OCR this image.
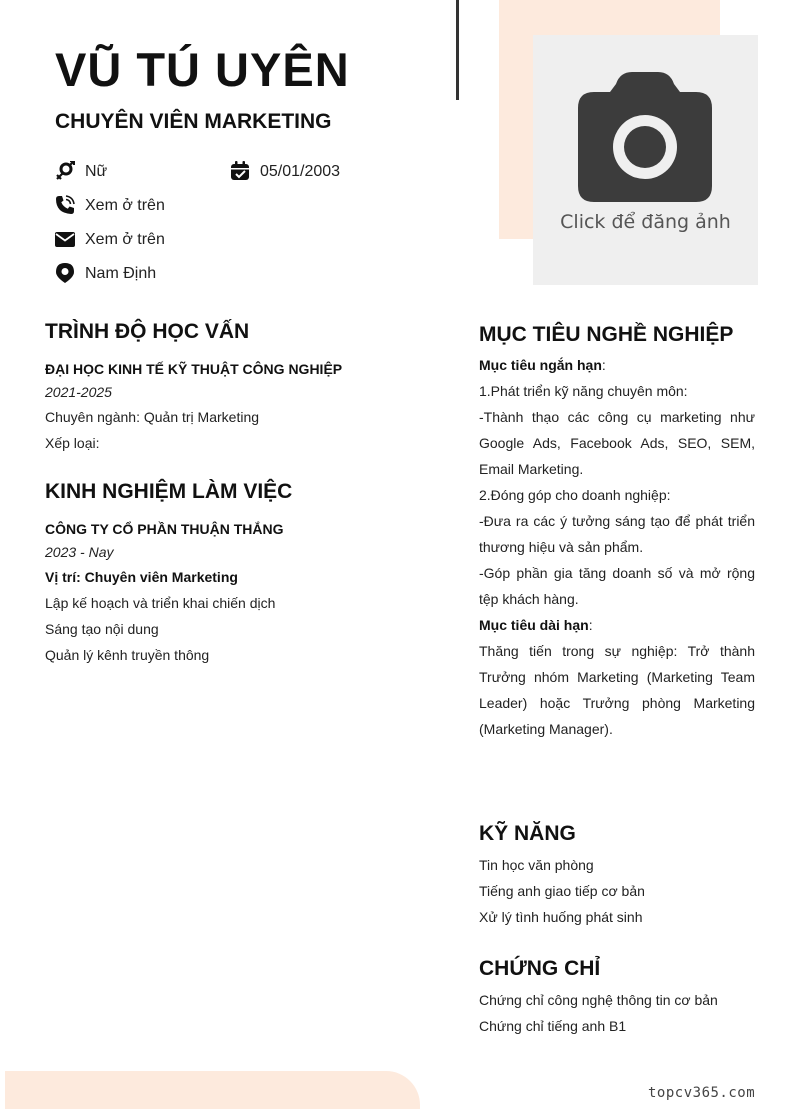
Click để đăng ảnh
VŨ TÚ UYÊN
CHUYÊN VIÊN MARKETING
Nữ	05/01/2003
Xem ở trên
Xem ở trên
Nam Định
TRÌNH ĐỘ HỌC VẤN
ĐẠI HỌC KINH TẾ KỸ THUẬT CÔNG NGHIỆP
2021-2025
Chuyên ngành: Quản trị Marketing
Xếp loại:
KINH NGHIỆM LÀM VIỆC
CÔNG TY CỔ PHẦN THUẬN THẮNG
2023 - Nay
Vị trí: Chuyên viên Marketing
Lập kế hoạch và triển khai chiến dịch
Sáng tạo nội dung
Quản lý kênh truyền thông
MỤC TIÊU NGHỀ NGHIỆP

Mục tiêu ngắn hạn:

1.Phát triển kỹ năng chuyên môn:

-Thành thạo các công cụ marketing như Google Ads, Facebook Ads, SEO, SEM, Email Marketing.

2.Đóng góp cho doanh nghiệp:

-Đưa ra các ý tưởng sáng tạo để phát triển thương hiệu và sản phẩm.

-Góp phần gia tăng doanh số và mở rộng tệp khách hàng.

Mục tiêu dài hạn:

Thăng tiến trong sự nghiệp: Trở thành Trưởng nhóm Marketing (Marketing Team Leader) hoặc Trưởng phòng Marketing (Marketing Manager).

KỸ NĂNG
Tin học văn phòng
Tiếng anh giao tiếp cơ bản
Xử lý tình huống phát sinh
CHỨNG CHỈ
Chứng chỉ công nghệ thông tin cơ bản
Chứng chỉ tiếng anh B1
topcv365.com
